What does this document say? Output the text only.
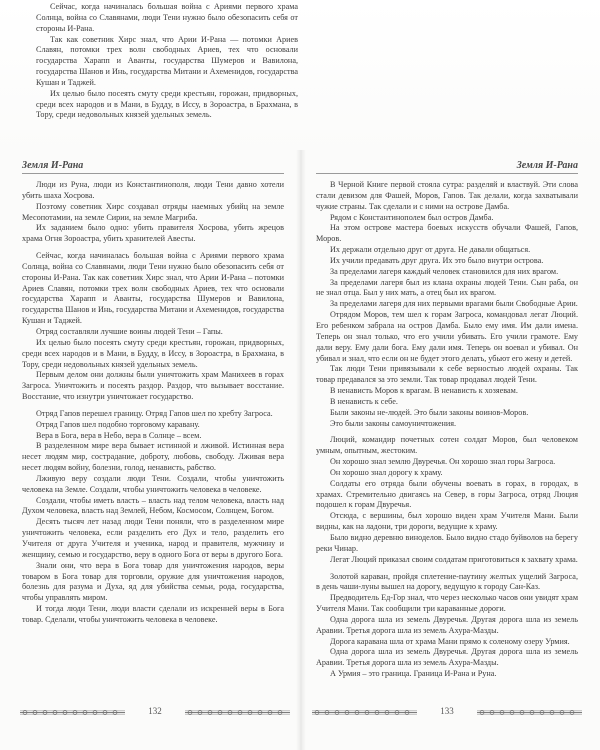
Земля И-Рана

Люди из Руна, люди из Константинополя, люди Тени давно хотели убить шаха Хосрова.

Поэтому советник Хирс создавал отряды наемных убийц на земле Месопотамии, на земле Сирии, на земле Магриба.

Их заданием было одно: убить правителя Хосрова, убить жрецов храма Огня Зороастра, убить хранителей Авесты.

Сейчас, когда начиналась большая война с Ариями первого храма Солнца, война со Славянами, люди Тени нужно было обезопасить себя от стороны И-Рана. Так как советник Хирс знал, что Арии И-Рана – потомки Ариев Славян, потомки трех волн свободных Ариев, тех что основали государства Харапп и Аванты, государства Шумеров и Вавилона, государства Шанов и Инь, государства Митани и Ахеменидов, государства Кушан и Таджей.

Отряд составляли лучшие воины людей Тени – Гапы.

Их целью было посеять смуту среди крестьян, горожан, придворных, среди всех народов и в Мани, в Будду, в Иссу, в Зороастра, в Брахмана, в Тору, среди недовольных князей удельных земель.

Первым делом они должны были уничтожить храм Манихеев в горах Загроса. Уничтожить и посеять раздор. Раздор, что вызывает восстание. Восстание, что изнутри уничтожает государство.

Отряд Гапов перешел границу. Отряд Гапов шел по хребту Загроса.

Отряд Гапов шел подобно торговому каравану.

Вера в Бога, вера в Небо, вера в Солнце – всем.

В разделенном мире вера бывает истинной и лживой. Истинная вера несет людям мир, сострадание, доброту, любовь, свободу. Лживая вера несет людям войну, болезни, голод, ненависть, рабство.

Лживую веру создали люди Тени. Создали, чтобы уничтожить человека на Земле. Создали, чтобы уничтожить человека в человеке.

Создали, чтобы иметь власть – власть над телом человека, власть над Духом человека, власть над Землей, Небом, Космосом, Солнцем, Богом.

Десять тысяч лет назад люди Тени поняли, что в разделенном мире уничтожить человека, если разделить его Дух и тело, разделить его Учителя от друга Учителя и ученика, народ и правителя, мужчину и женщину, семью и государство, веру в одного Бога от веры в другого Бога.

Знали они, что вера в Бога товар для уничтожения народов, веры товаром в Бога товар для торговли, оружие для уничтожения народов, болезнь для разума и Духа, яд для убийства семьи, рода, государства, чтобы управлять миром.

И тогда люди Тени, люди власти сделали из искренней веры в Бога товар. Сделали, чтобы уничтожить человека в человеке.

132
Земля И-Рана

В Черной Книге первой стояла сутра: разделяй и властвуй. Эти слова стали девизом для Фашей, Моров, Гапов. Так делали, когда захватывали чужие страны. Так сделали и с ними на острове Дамба.

Рядом с Константинополем был остров Дамба.

На этом острове мастера боевых искусств обучали Фашей, Гапов, Моров.

Их держали отдельно друг от друга. Не давали общаться.

Их учили предавать друг друга. Их это было внутри острова.

За пределами лагеря каждый человек становился для них врагом.

За пределами лагеря был из клана охраны людей Тени. Сын раба, он не знал отца. Был у них мать, а отец был их врагом.

За пределами лагеря для них первыми врагами были Свободные Арии.

Отрядом Моров, тем шел к горам Загроса, командовал легат Люций. Его ребенком забрала на остров Дамба. Было ему имя. Им дали имена. Теперь он знал только, что его учили убивать. Его учили грамоте. Ему дали веру. Ему дали бога. Ему дали имя. Теперь он воевал и убивал. Он убивал и знал, что если он не будет этого делать, убьют его жену и детей.

Так люди Тени привязывали к себе верностью людей охраны. Так товар предавался за это земли. Так товар продавал людей Тени.

В ненависть Моров к врагам. В ненависть к хозяевам.

В ненависть к себе.

Были законы не-людей. Это были законы воинов-Моров.

Это были законы самоуничтожения.

Люций, командир почетных сотен солдат Моров, был человеком умным, опытным, жестоким.

Он хорошо знал землю Двуречья. Он хорошо знал горы Загроса.

Он хорошо знал дорогу к храму.

Солдаты его отряда были обучены воевать в горах, в городах, в храмах. Стремительно двигаясь на Север, в горы Загроса, отряд Люция подошел к горам Двуречья.

Отсюда, с вершины, был хорошо виден храм Учителя Мани. Были видны, как на ладони, три дороги, ведущие к храму.

Было видно деревню виноделов. Было видно стадо буйволов на берегу реки Чинар.

Легат Люций приказал своим солдатам приготовиться к захвату храма.

Золотой караван, пройдя сплетение-паутину желтых ущелий Загроса, в день чаши-луны вышел на дорогу, ведущую к городу Сан-Каз.

Предводитель Ед-Гор знал, что через несколько часов они увидят храм Учителя Мани. Так сообщили три караванные дороги.

Одна дорога шла из земель Двуречья. Другая дорога шла из земель Аравии. Третья дорога шла из земель Ахура-Мазды.

Дорога каравана шла от храма Мани прямо к соленому озеру Урмия.

Одна дорога шла из земель Двуречья. Другая дорога шла из земель Аравии. Третья дорога шла из земель Ахура-Мазды.

А Урмия – это граница. Граница И-Рана и Руна.

133

Сейчас, когда начиналась большая война с Ариями первого храма Солнца, война со Славянами, люди Тени нужно было обезопасить себя от стороны И-Рана.

Так как советник Хирс знал, что Арии И-Рана — потомки Ариев Славян, потомки трех волн свободных Ариев, тех что основали государства Харапп и Аванты, государства Шумеров и Вавилона, государства Шанов и Инь, государства Митани и Ахеменидов, государства Кушан и Таджей.

Их целью было посеять смуту среди крестьян, горожан, придворных, среди всех народов и в Мани, в Будду, в Иссу, в Зороастра, в Брахмана, в Тору, среди недовольных князей удельных земель.
